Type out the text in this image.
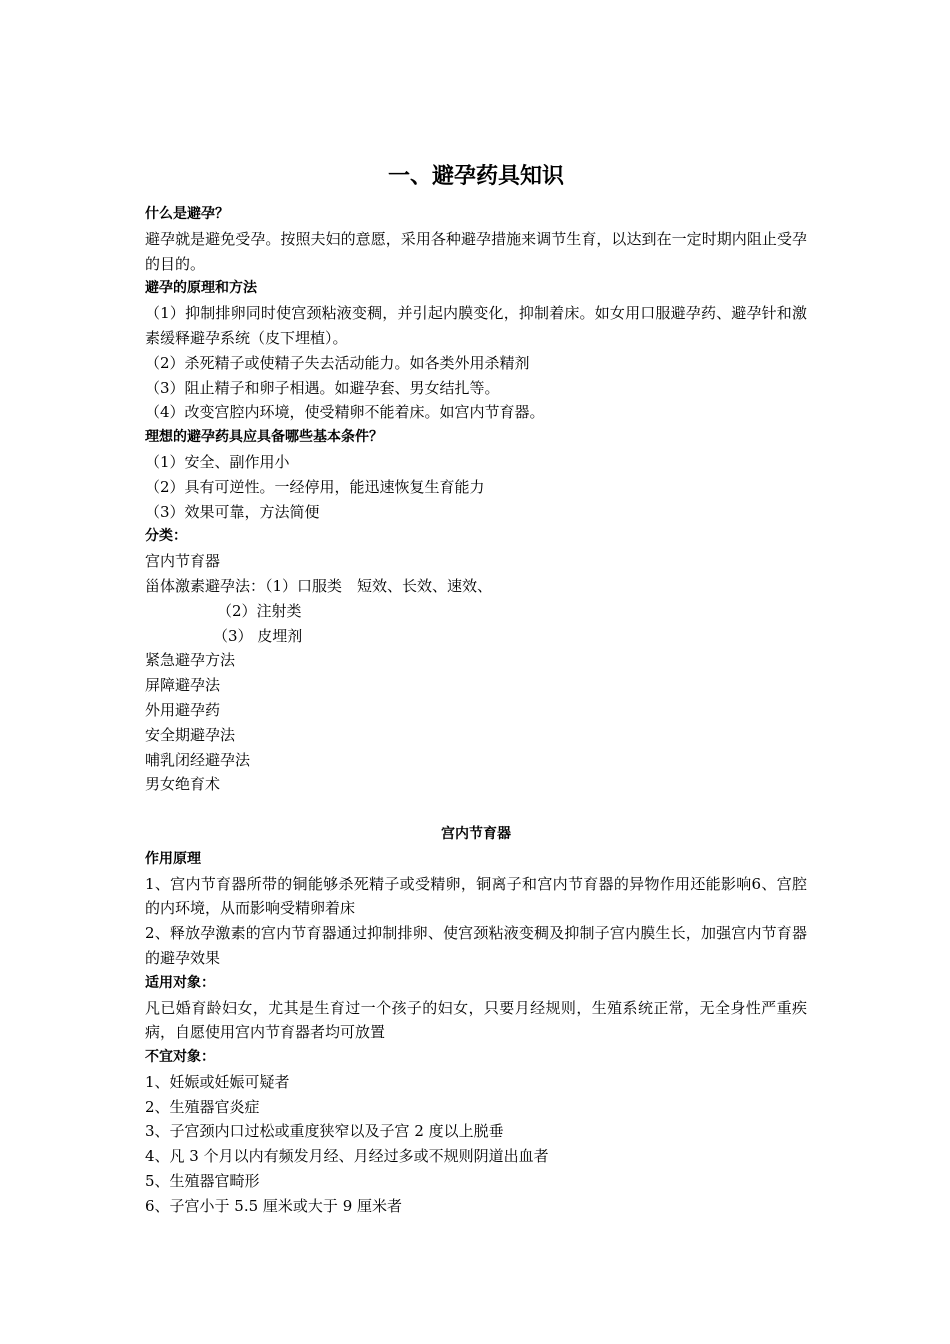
一、避孕药具知识

什么是避孕？

避孕就是避免受孕。按照夫妇的意愿，采用各种避孕措施来调节生育，以达到在一定时期内阻止受孕的目的。

避孕的原理和方法

（1）抑制排卵同时使宫颈粘液变稠，并引起内膜变化，抑制着床。如女用口服避孕药、避孕针和激素缓释避孕系统（皮下埋植）。

（2）杀死精子或使精子失去活动能力。如各类外用杀精剂

（3）阻止精子和卵子相遇。如避孕套、男女结扎等。

（4）改变宫腔内环境，使受精卵不能着床。如宫内节育器。

理想的避孕药具应具备哪些基本条件？

（1）安全、副作用小

（2）具有可逆性。一经停用，能迅速恢复生育能力

（3）效果可靠，方法简便

分类：

宫内节育器

甾体激素避孕法：（1）口服类　短效、长效、速效、

（2）注射类

（3） 皮埋剂

紧急避孕方法

屏障避孕法

外用避孕药

安全期避孕法

哺乳闭经避孕法

男女绝育术

宫内节育器

作用原理

1、宫内节育器所带的铜能够杀死精子或受精卵，铜离子和宫内节育器的异物作用还能影响6、宫腔的内环境，从而影响受精卵着床

2、释放孕激素的宫内节育器通过抑制排卵、使宫颈粘液变稠及抑制子宫内膜生长，加强宫内节育器的避孕效果

适用对象：

凡已婚育龄妇女，尤其是生育过一个孩子的妇女，只要月经规则，生殖系统正常，无全身性严重疾病，自愿使用宫内节育器者均可放置

不宜对象：

1、妊娠或妊娠可疑者

2、生殖器官炎症

3、子宫颈内口过松或重度狭窄以及子宫 2 度以上脱垂

4、凡 3 个月以内有频发月经、月经过多或不规则阴道出血者

5、生殖器官畸形

6、子宫小于 5.5 厘米或大于 9 厘米者
